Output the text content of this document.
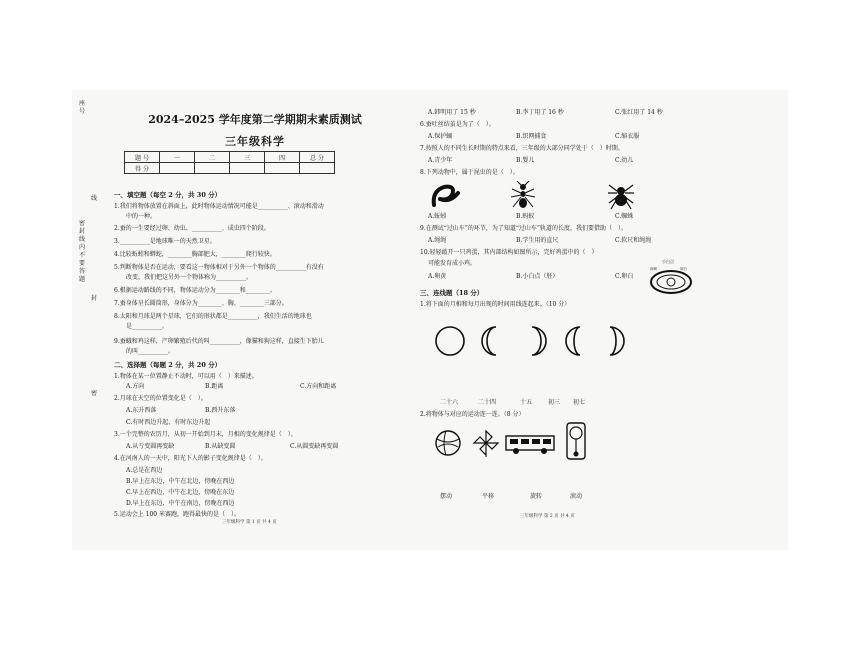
座 号
密 封 线 内 不 要 答 题
线
封
密
2024–2025 学年度第二学期期末素质测试
三年级科学
题 号	一	二	三	四	总 分
得 分					
一、填空题（每空 2 分，共 30 分）
1.我们将物体放置在斜面上，此时物体运动情况可能是__________、滚动和滑动
中的一种。
2.蚕的一生要经过卵、幼虫、__________、成虫四个阶段。
3.__________是地球唯一的天然卫星。
4.比较蚯蚓和蟒蛇，________胸部肥大，________爬行较快。
5.判断物体是否在运动，要看这一物体相对于另外一个物体的__________有没有
改变，我们把这另外一个物体称为__________。
6.根据运动路线的不同，物体运动分为________和________。
7.蚕身体呈长圆筒形，身体分为________、胸、________三部分。
8.太阳和月球是两个星球，它们的形状都是__________，我们生活的地球也
是__________。
9.蚕蛾和鸡这样，产卵繁殖后代的叫__________，像猫和狗这样，直接生下胎儿
的叫__________。
二、选择题（每题 2 分，共 20 分）
1.物体在某一位置静止不动时，可以用（　）来描述。
A.方向	B.距离	C.方向和距离
2.月球在天空的位置变化是（　）。
A.东升西落	B.西升东落
C.有时西边升起，有时东边升起
3.一个完整的农历月，从初一开始到月末，月相的变化规律是（　）。
A.从亏变圆再变缺	B.从缺变圆	C.从圆变缺再变圆
4.在河南人的一天中，阳光下人的影子变化规律是（　）。
A.总是在西边
B.早上在东边，中午在北边，傍晚在西边
C.早上在西边，中午在北边，傍晚在东边
D.早上在东边，中午在南边，傍晚在西边
5.运动会上 100 米赛跑，跑得最快的是（　）。
三年级科学 第 1 页 共 4 页
A.韩明用了 15 秒	B.李丁用了 16 秒	C.张红用了 14 秒
6.蚕吐丝结茧是为了（　）。
A.保护蛹	B.织网捕食	C.缩衣服
7.按照人的不同生长时期的特点来看，三年级的大部分同学处于（　）时期。
A.青少年	B.婴儿	C.幼儿
8.下列动物中，属于昆虫的是（　）。
A.蚯蚓	B.蚂蚁	C.蜘蛛
9.在测试“过山车”的环节，为了知道“过山车”轨道的长度，我们要借助（　）。
A.绳绳	B.学生用的直尺	C.软尺和绳绳
10.轻轻敲开一只鸡蛋，其内部结构如图所示，完好鸡蛋中的（　）
可能发育成小鸡。
A.卵黄	B.小白点（胚）	C.卵白
小白点
卵黄	卵白
三、连线题（18 分）
1.将下面的月相和每月出现的时间用线连起来。（10 分）
二十六	二十四	十五	初三 初七
2.将物体与对应的运动连一连。（8 分）
摆动	平移	旋转	滚动
三年级科学 第 2 页 共 4 页
